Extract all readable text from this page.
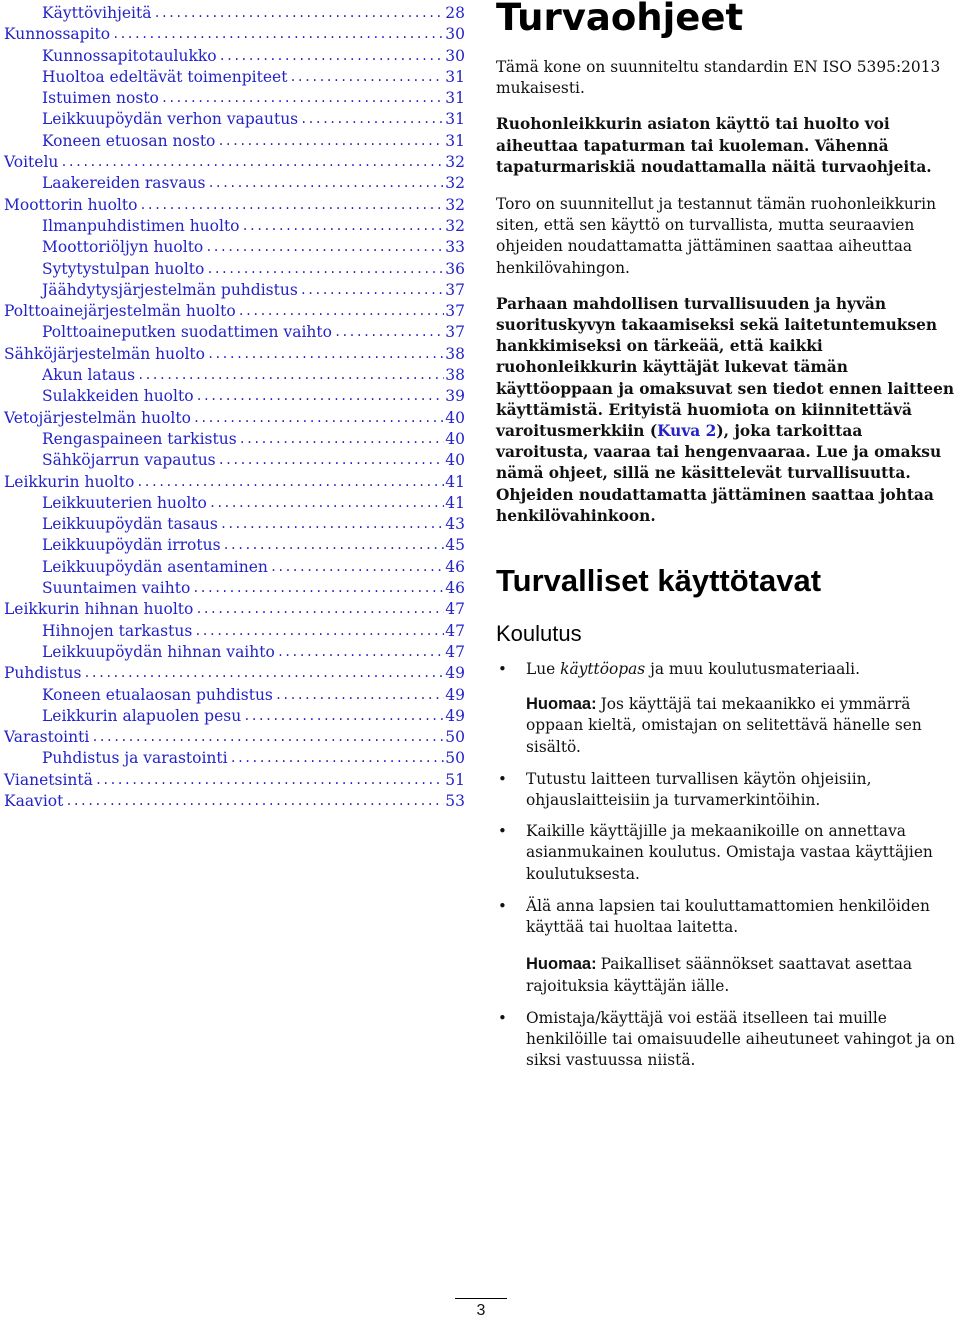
Käyttövihjeitä .....	28
Kunnossapito .....	30
Kunnossapitotaulukko .....	30
Huoltoa edeltävät toimenpiteet .....	31
Istuimen nosto .....	31
Leikkuupöydän verhon vapautus .....	31
Koneen etuosan nosto .....	31
Voitelu .....	32
Laakereiden rasvaus .....	32
Moottorin huolto .....	32
Ilmanpuhdistimen huolto .....	32
Moottoriöljyn huolto .....	33
Sytytystulpan huolto .....	36
Jäähdytysjärjestelmän puhdistus .....	37
Polttoainejärjestelmän huolto .....	37
Polttoaineputken suodattimen vaihto .....	37
Sähköjärjestelmän huolto .....	38
Akun lataus .....	38
Sulakkeiden huolto .....	39
Vetojärjestelmän huolto .....	40
Rengaspaineen tarkistus .....	40
Sähköjarrun vapautus .....	40
Leikkurin huolto .....	41
Leikkuuterien huolto .....	41
Leikkuupöydän tasaus .....	43
Leikkuupöydän irrotus .....	45
Leikkuupöydän asentaminen .....	46
Suuntaimen vaihto .....	46
Leikkurin hihnan huolto .....	47
Hihnojen tarkastus .....	47
Leikkuupöydän hihnan vaihto .....	47
Puhdistus .....	49
Koneen etualaosan puhdistus .....	49
Leikkurin alapuolen pesu .....	49
Varastointi .....	50
Puhdistus ja varastointi .....	50
Vianetsintä .....	51
Kaaviot .....	53
Turvaohjeet

Tämä kone on suunniteltu standardin EN ISO 5395:2013 mukaisesti.

Ruohonleikkurin asiaton käyttö tai huolto voi aiheuttaa tapaturman tai kuoleman. Vähennä tapaturmariskiä noudattamalla näitä turvaohjeita.

Toro on suunnitellut ja testannut tämän ruohonleikkurin siten, että sen käyttö on turvallista, mutta seuraavien ohjeiden noudattamatta jättäminen saattaa aiheuttaa henkilövahingon.

Parhaan mahdollisen turvallisuuden ja hyvän suorituskyvyn takaamiseksi sekä laitetuntemuksen hankkimiseksi on tärkeää, että kaikki ruohonleikkurin käyttäjät lukevat tämän käyttöoppaan ja omaksuvat sen tiedot ennen laitteen käyttämistä. Erityistä huomiota on kiinnitettävä varoitusmerkkiin (Kuva 2), joka tarkoittaa varoitusta, vaaraa tai hengenvaaraa. Lue ja omaksu nämä ohjeet, sillä ne käsittelevät turvallisuutta. Ohjeiden noudattamatta jättäminen saattaa johtaa henkilövahinkoon.

Turvalliset käyttötavat
Koulutus
• Lue käyttöopas ja muu koulutusmateriaali.
Huomaa: Jos käyttäjä tai mekaanikko ei ymmärrä oppaan kieltä, omistajan on selitettävä hänelle sen sisältö.
• Tutustu laitteen turvallisen käytön ohjeisiin, ohjauslaitteisiin ja turvamerkintöihin.
• Kaikille käyttäjille ja mekaanikoille on annettava asianmukainen koulutus. Omistaja vastaa käyttäjien koulutuksesta.
• Älä anna lapsien tai kouluttamattomien henkilöiden käyttää tai huoltaa laitetta.
Huomaa: Paikalliset säännökset saattavat asettaa rajoituksia käyttäjän iälle.
• Omistaja/käyttäjä voi estää itselleen tai muille henkilöille tai omaisuudelle aiheutuneet vahingot ja on siksi vastuussa niistä.
3
